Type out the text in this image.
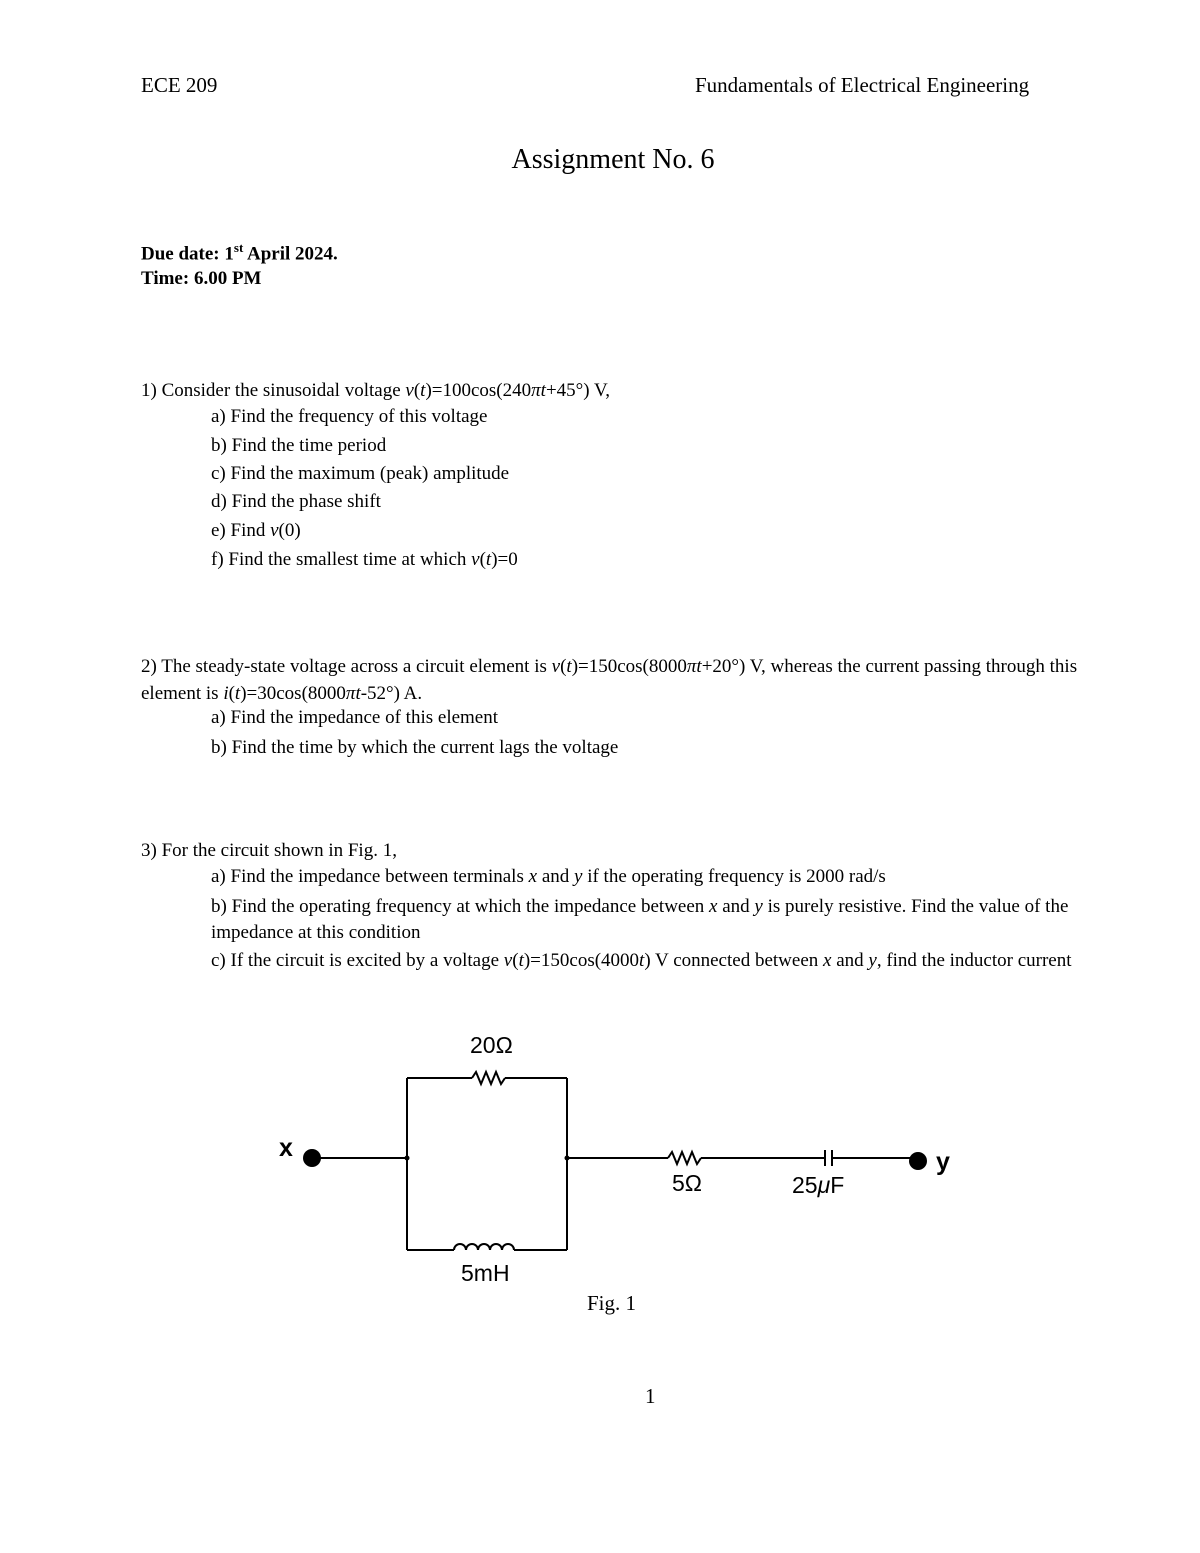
ECE 209	Fundamentals of Electrical Engineering
Assignment No. 6
Due date: 1st April 2024.
Time: 6.00 PM
1) Consider the sinusoidal voltage v(t)=100cos(240πt+45°) V,
a) Find the frequency of this voltage
b) Find the time period
c) Find the maximum (peak) amplitude
d) Find the phase shift
e) Find v(0)
f) Find the smallest time at which v(t)=0
2) The steady-state voltage across a circuit element is v(t)=150cos(8000πt+20°) V, whereas the current passing through this element is i(t)=30cos(8000πt-52°) A.
a) Find the impedance of this element
b) Find the time by which the current lags the voltage
3) For the circuit shown in Fig. 1,
a) Find the impedance between terminals x and y if the operating frequency is 2000 rad/s
b) Find the operating frequency at which the impedance between x and y is purely resistive. Find the value of the impedance at this condition
c) If the circuit is excited by a voltage v(t)=150cos(4000t) V connected between x and y, find the inductor current
20Ω
5mH
5Ω	25μF
x	y
Fig. 1
1
